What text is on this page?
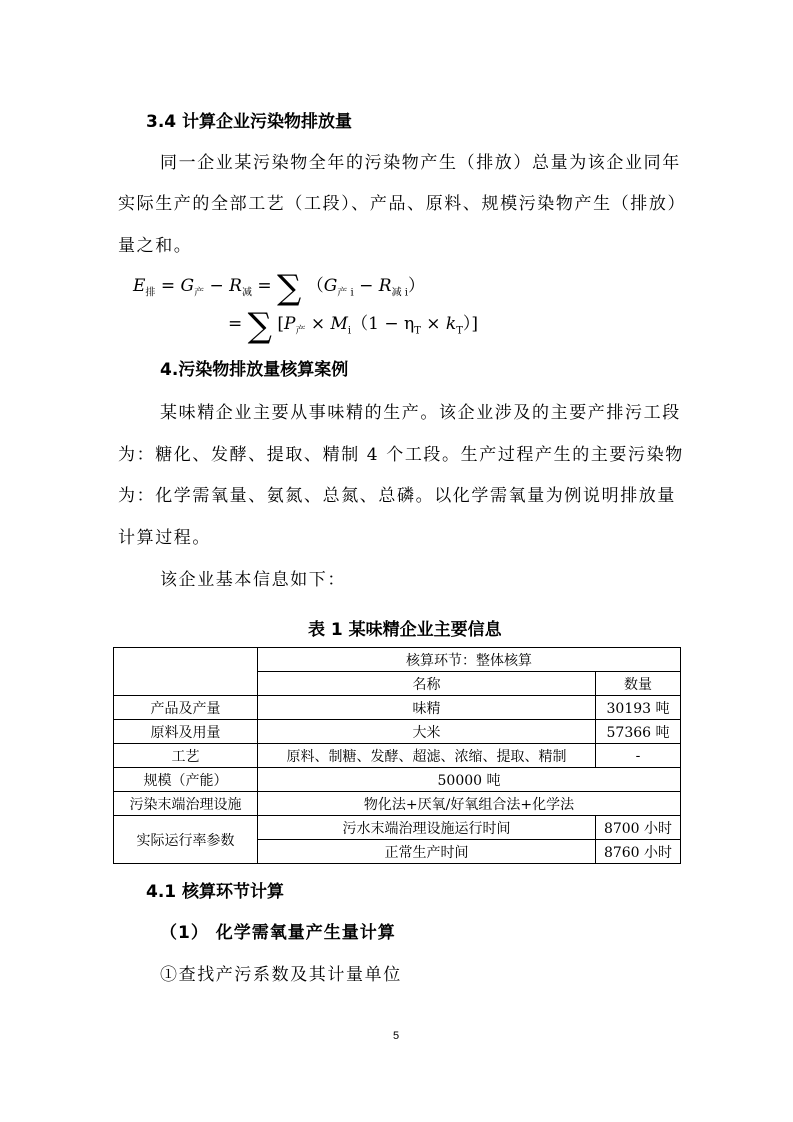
3.4 计算企业污染物排放量
同一企业某污染物全年的污染物产生（排放）总量为该企业同年
实际生产的全部工艺（工段）、产品、原料、规模污染物产生（排放）
量之和。
$E_排 = G_产 - R_减$ = ∑ $(G_{产 i} - R_{减 i})$
= ∑ $[P_产 \times M_i(1 - \eta_T \times k_T)]$
4.污染物排放量核算案例
某味精企业主要从事味精的生产。该企业涉及的主要产排污工段
为：糖化、发酵、提取、精制 4 个工段。生产过程产生的主要污染物
为：化学需氧量、氨氮、总氮、总磷。以化学需氧量为例说明排放量
计算过程。
该企业基本信息如下：
表 1 某味精企业主要信息
	核算环节：整体核算	
	名称	数量
产品及产量	味精	30193 吨
原料及用量	大米	57366 吨
工艺	原料、制糖、发酵、超滤、浓缩、提取、精制	-
规模（产能）	50000 吨	
污染末端治理设施	物化法+厌氧/好氧组合法+化学法	
实际运行率参数	污水末端治理设施运行时间	8700 小时
	正常生产时间	8760 小时
4.1 核算环节计算
（1） 化学需氧量产生量计算
①查找产污系数及其计量单位
5
